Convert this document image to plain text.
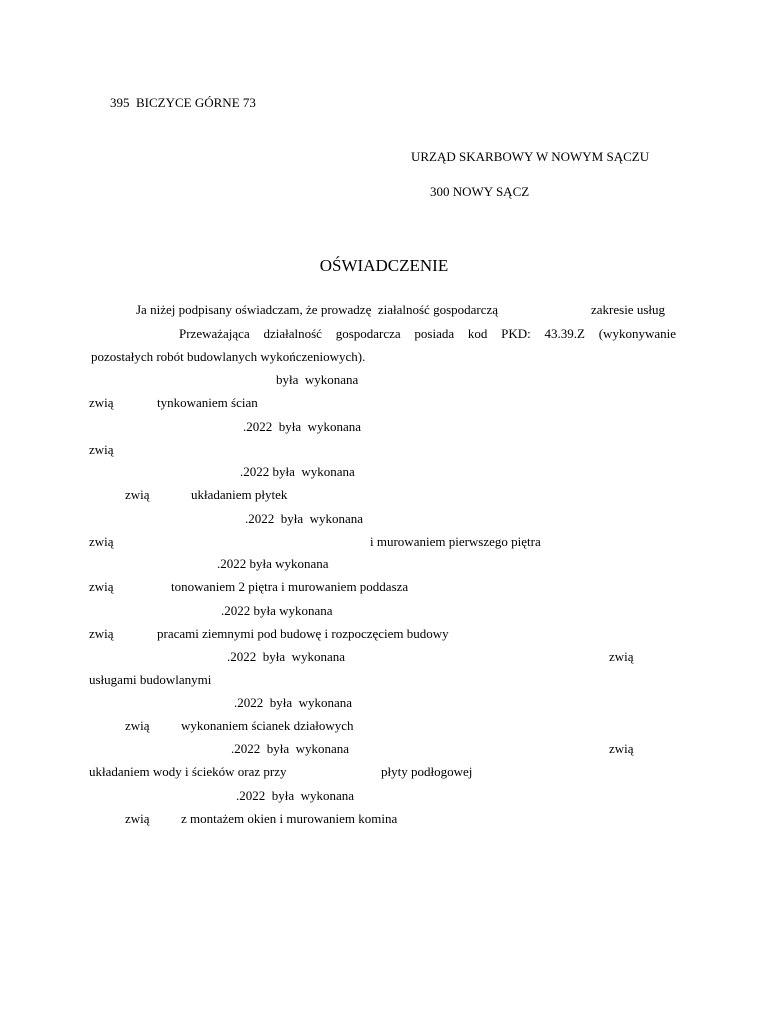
395  BICZYCE GÓRNE 73
URZĄD SKARBOWY W NOWYM SĄCZU
300 NOWY SĄCZ
OŚWIADCZENIE
Ja niżej podpisany oświadczam, że prowadzę  ziałalność gospodarczą	zakresie usług
Przeważająca działalność gospodarcza posiada kod PKD: 43.39.Z (wykonywanie
pozostałych robót budowlanych wykończeniowych).
była  wykonana
zwią	tynkowaniem ścian
.2022  była  wykonana
zwią
.2022 była  wykonana
zwią	układaniem płytek
.2022  była  wykonana
zwią	i murowaniem pierwszego piętra
.2022 była wykonana
zwią	tonowaniem 2 piętra i murowaniem poddasza
.2022 była wykonana
zwią	pracami ziemnymi pod budowę i rozpoczęciem budowy
.2022  była  wykonana	zwią
usługami budowlanymi
.2022  była  wykonana
zwią wykonaniem ścianek działowych
.2022  była  wykonana	zwią
układaniem wody i ścieków oraz przy	płyty podłogowej
.2022  była  wykonana
zwią z montażem okien i murowaniem komina
